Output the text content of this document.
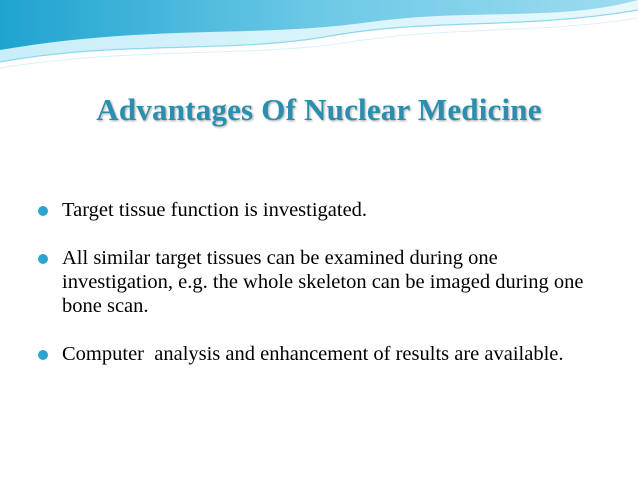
Advantages Of Nuclear Medicine
Target tissue function is investigated.
All similar target tissues can be examined during one investigation, e.g. the whole skeleton can be imaged during one bone scan.
Computer  analysis and enhancement of results are available.
